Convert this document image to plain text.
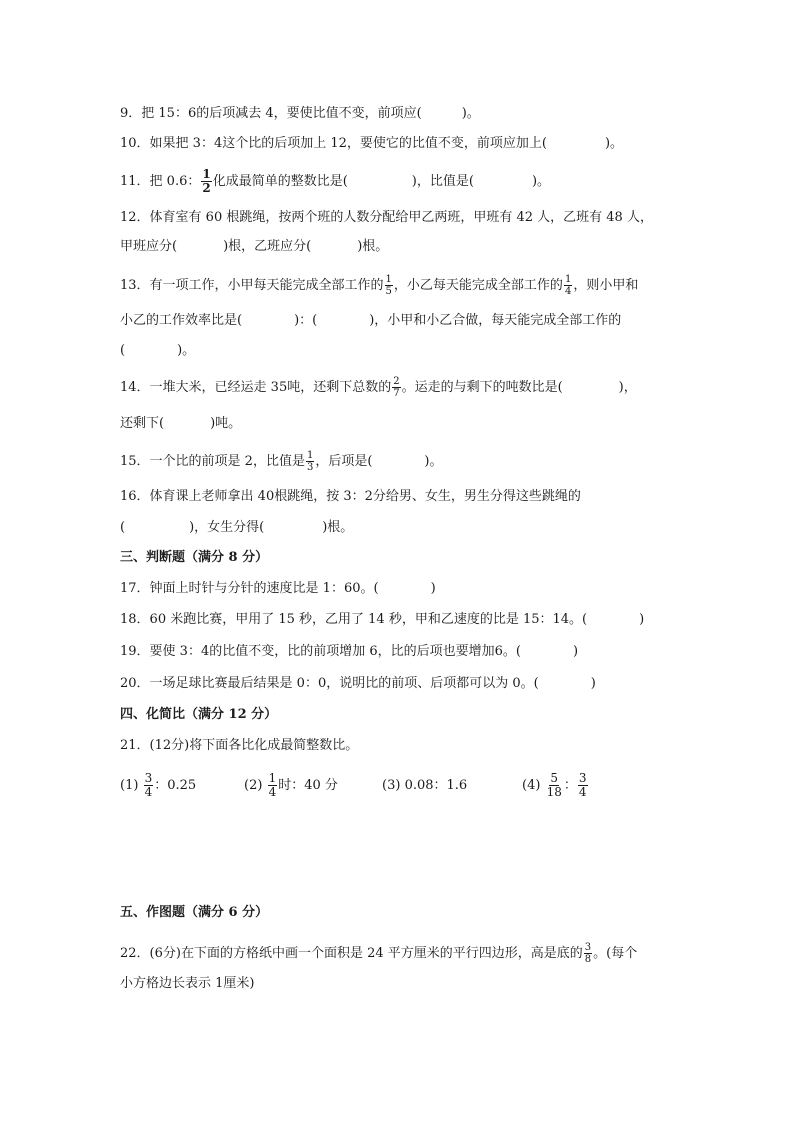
9．把 15：6的后项减去 4，要使比值不变，前项应(	)。
10．如果把 3：4这个比的后项加上 12，要使它的比值不变，前项应加上(	)。
11．把 0.6： $\frac{1}{2}$ 化成最简单的整数比是(	)，比值是(	)。
12．体育室有 60 根跳绳，按两个班的人数分配给甲乙两班，甲班有 42 人，乙班有 48 人，
甲班应分(	)根，乙班应分(	)根。
13．有一项工作，小甲每天能完成全部工作的 $\frac{1}{5}$ ，小乙每天能完成全部工作的 $\frac{1}{4}$ ，则小甲和
小乙的工作效率比是(	)：(	)，小甲和小乙合做，每天能完成全部工作的
(	)。
14．一堆大米，已经运走 35吨，还剩下总数的 $\frac{2}{7}$ 。运走的与剩下的吨数比是(	)，
还剩下(	)吨。
15．一个比的前项是 2，比值是 $\frac{1}{3}$ ，后项是(	)。
16．体育课上老师拿出 40根跳绳，按 3：2分给男、女生，男生分得这些跳绳的
(	)，女生分得(	)根。
三、判断题（满分 8 分）
17．钟面上时针与分针的速度比是 1：60。(	)
18．60 米跑比赛，甲用了 15 秒，乙用了 14 秒，甲和乙速度的比是 15：14。(	)
19．要使 3：4的比值不变，比的前项增加 6，比的后项也要增加6。(	)
20．一场足球比赛最后结果是 0：0，说明比的前项、后项都可以为 0。(	)
四、化简比（满分 12 分）
21．(12分)将下面各比化成最简整数比。
$(1) \frac{3}{4}$ ：0.25	$(2) \frac{1}{4}$ 时：40 分	(3) 0.08：1.6	$(4) \frac{5}{18}$ ： $\frac{3}{4}$
五、作图题（满分 6 分）
22．(6分)在下面的方格纸中画一个面积是 24 平方厘米的平行四边形，高是底的 $\frac{3}{8}$ 。(每个
小方格边长表示 1厘米)
